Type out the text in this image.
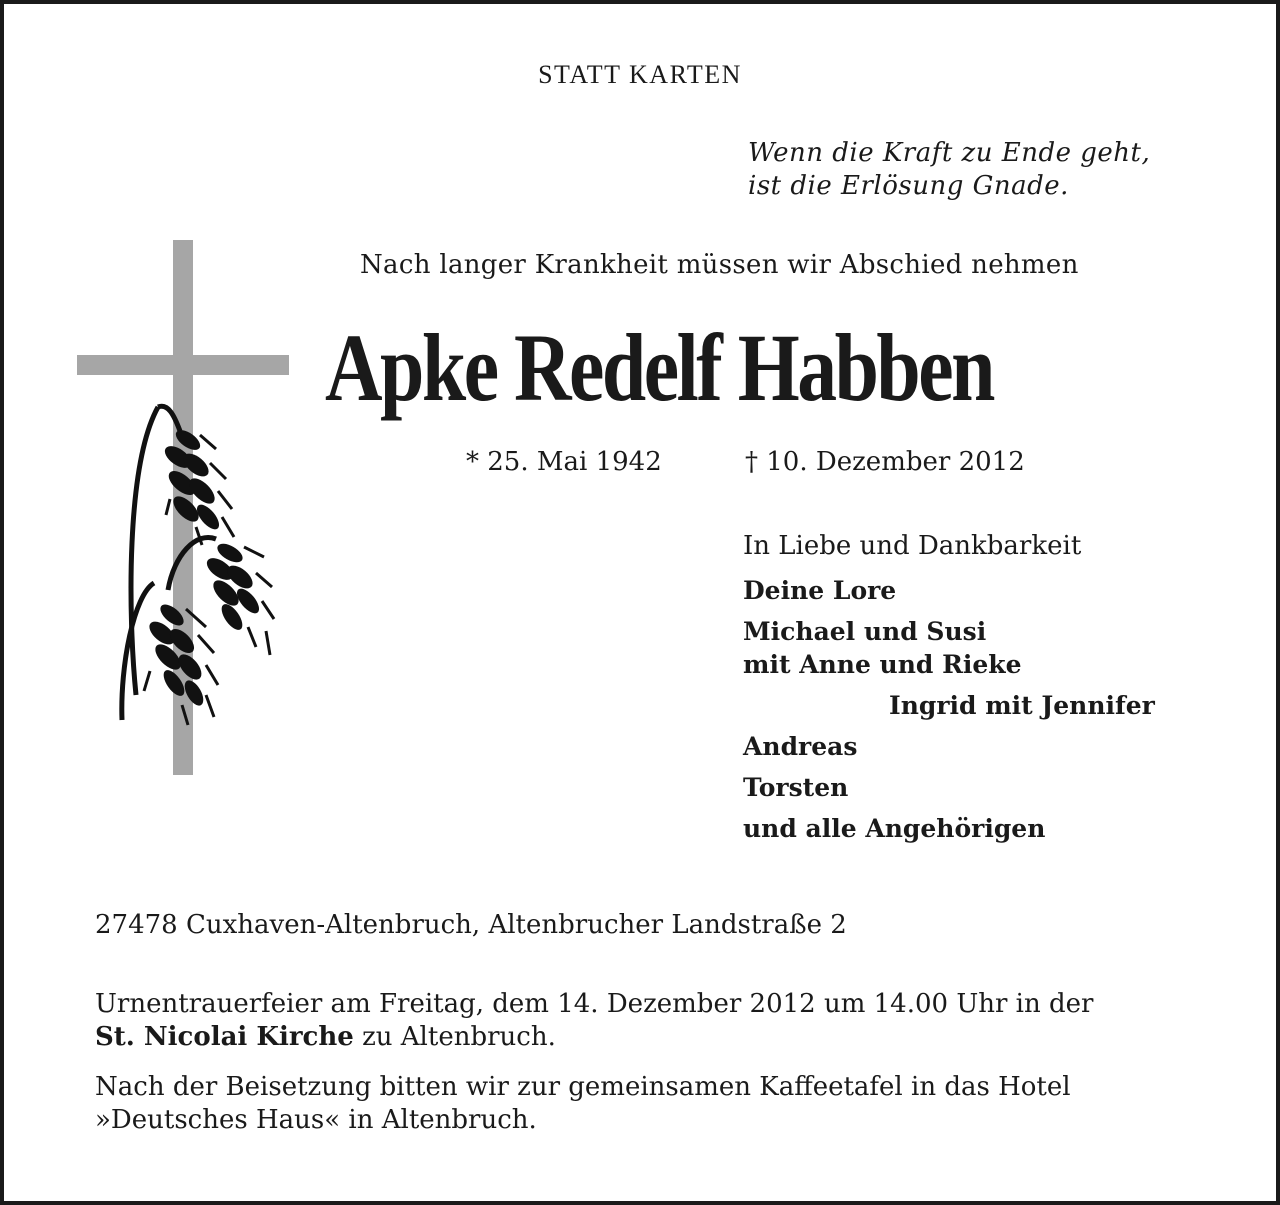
STATT KARTEN
Wenn die Kraft zu Ende geht,
ist die Erlösung Gnade.
Nach langer Krankheit müssen wir Abschied nehmen
Apke Redelf Habben
* 25. Mai 1942	† 10. Dezember 2012
In Liebe und Dankbarkeit
Deine Lore
Michael und Susi
mit Anne und Rieke
Ingrid mit Jennifer
Andreas
Torsten
und alle Angehörigen
27478 Cuxhaven-Altenbruch, Altenbrucher Landstraße 2
Urnentrauerfeier am Freitag, dem 14. Dezember 2012 um 14.00 Uhr in der
St. Nicolai Kirche zu Altenbruch.
Nach der Beisetzung bitten wir zur gemeinsamen Kaffeetafel in das Hotel
»Deutsches Haus« in Altenbruch.
